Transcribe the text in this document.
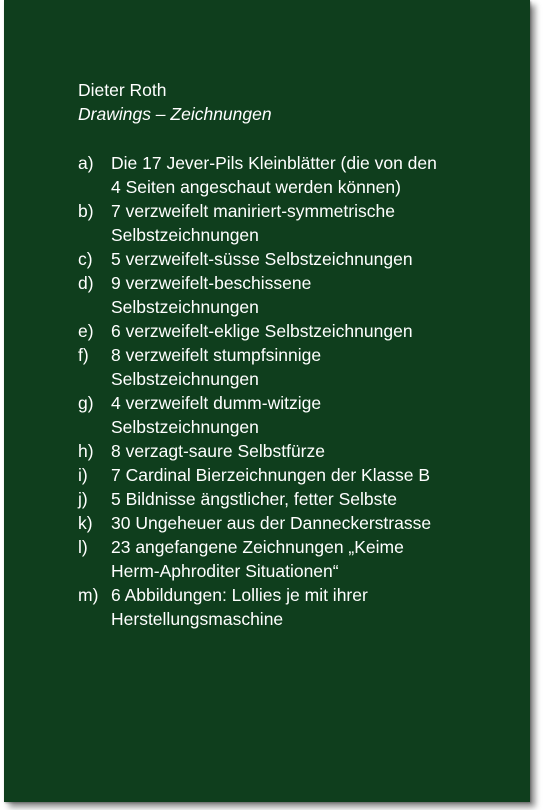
Dieter Roth
Drawings – Zeichnungen
a) Die 17 Jever-Pils Kleinblätter (die von den 4 Seiten angeschaut werden können)
b) 7 verzweifelt maniriert-symmetrische Selbstzeichnungen
c)	5 verzweifelt-süsse Selbstzeichnungen
d) 9 verzweifelt-beschissene Selbstzeichnungen
e) 6 verzweifelt-eklige Selbstzeichnungen
f)	8 verzweifelt stumpfsinnige Selbstzeichnungen
g) 4 verzweifelt dumm-witzige Selbstzeichnungen
h) 8 verzagt-saure Selbstfürze
i)	7 Cardinal Bierzeichnungen der Klasse B
j)	5 Bildnisse ängstlicher, fetter Selbste
k)	30 Ungeheuer aus der Danneckerstrasse
l)	23 angefangene Zeichnungen „Keime Herm-Aphroditer Situationen“
m) 6 Abbildungen: Lollies je mit ihrer Herstellungsmaschine
